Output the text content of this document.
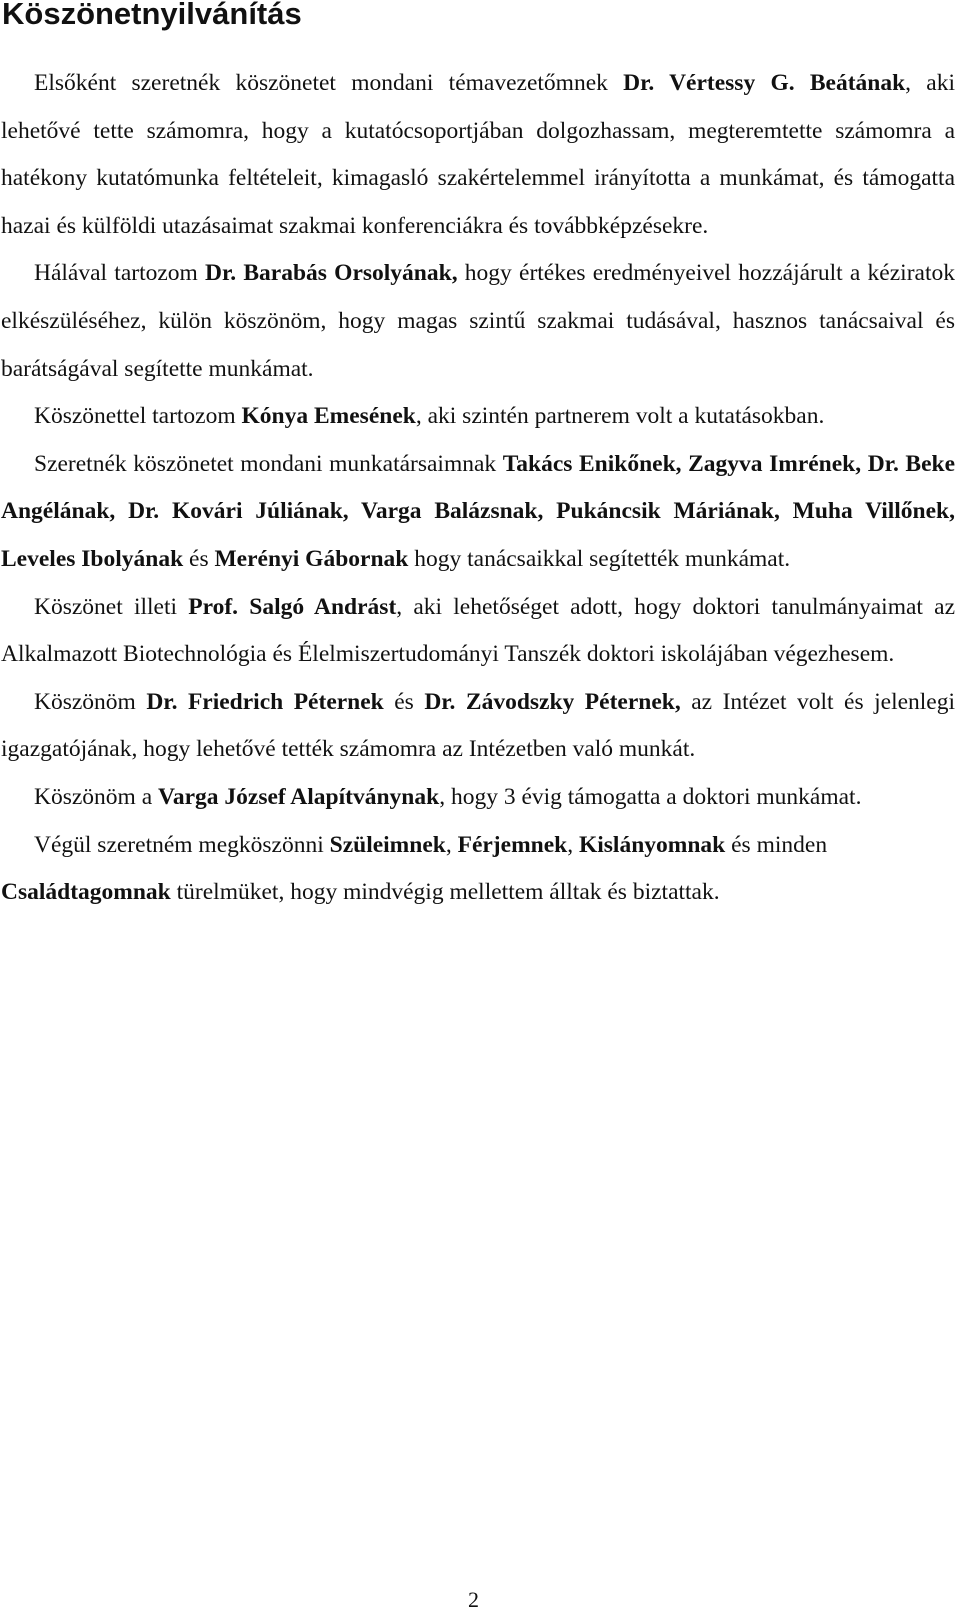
Köszönetnyilvánítás

Elsőként szeretnék köszönetet mondani témavezetőmnek Dr. Vértessy G. Beátának, aki lehetővé tette számomra, hogy a kutatócsoportjában dolgozhassam, megteremtette számomra a hatékony kutatómunka feltételeit, kimagasló szakértelemmel irányította a munkámat, és támogatta hazai és külföldi utazásaimat szakmai konferenciákra és továbbképzésekre.

Hálával tartozom Dr. Barabás Orsolyának, hogy értékes eredményeivel hozzájárult a kéziratok elkészüléséhez, külön köszönöm, hogy magas szintű szakmai tudásával, hasznos tanácsaival és barátságával segítette munkámat.

Köszönettel tartozom Kónya Emesének, aki szintén partnerem volt a kutatásokban.

Szeretnék köszönetet mondani munkatársaimnak Takács Enikőnek, Zagyva Imrének, Dr. Beke Angélának, Dr. Kovári Júliának, Varga Balázsnak, Pukáncsik Máriának, Muha Villőnek, Leveles Ibolyának és Merényi Gábornak hogy tanácsaikkal segítették munkámat.

Köszönet illeti Prof. Salgó Andrást, aki lehetőséget adott, hogy doktori tanulmányaimat az Alkalmazott Biotechnológia és Élelmiszertudományi Tanszék doktori iskolájában végezhesem.

Köszönöm Dr. Friedrich Péternek és Dr. Závodszky Péternek, az Intézet volt és jelenlegi igazgatójának, hogy lehetővé tették számomra az Intézetben való munkát.

Köszönöm a Varga József Alapítványnak, hogy 3 évig támogatta a doktori munkámat.

Végül szeretném megköszönni Szüleimnek, Férjemnek, Kislányomnak és minden Családtagomnak türelmüket, hogy mindvégig mellettem álltak és biztattak.

2
